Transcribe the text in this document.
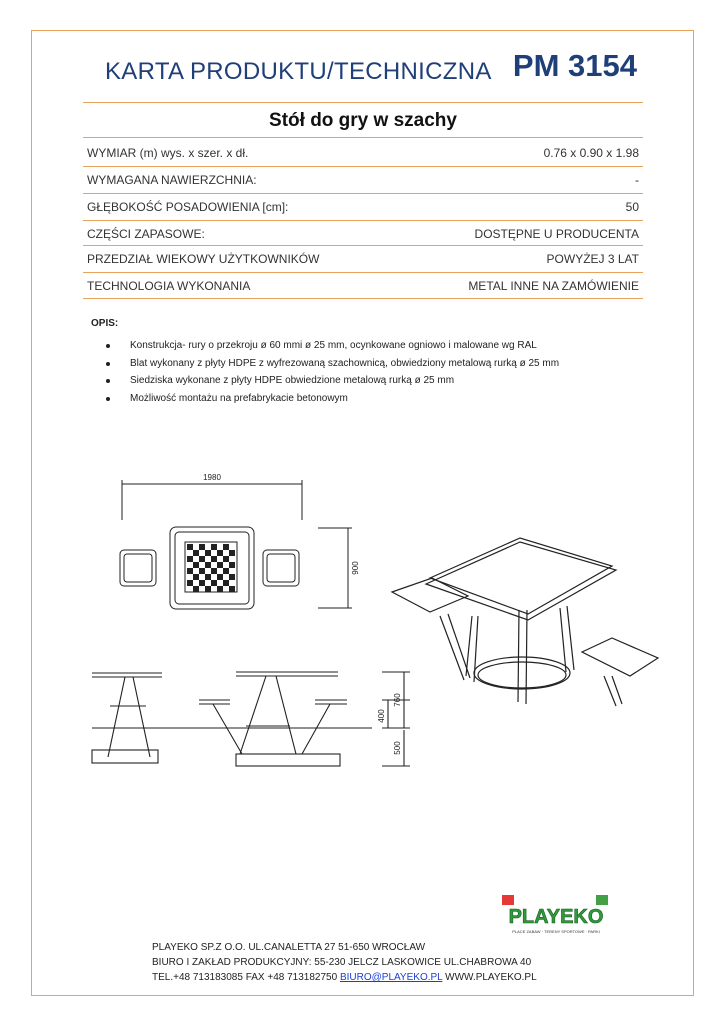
KARTA PRODUKTU/TECHNICZNA PM 3154
Stół do gry w szachy
WYMIAR (m) wys. x szer. x dł.	0.76 x 0.90 x 1.98
WYMAGANA NAWIERZCHNIA:	-
GŁĘBOKOŚĆ POSADOWIENIA [cm]:	50
CZĘŚCI ZAPASOWE:	DOSTĘPNE U PRODUCENTA
PRZEDZIAŁ WIEKOWY UŻYTKOWNIKÓW	POWYŻEJ 3 LAT
TECHNOLOGIA WYKONANIA	METAL INNE NA ZAMÓWIENIE
OPIS:
Konstrukcja- rury o przekroju ø 60 mmi ø 25 mm, ocynkowane ogniowo i malowane wg RAL
Blat wykonany z płyty HDPE z wyfrezowaną szachownicą, obwiedziony metalową rurką ø 25 mm
Siedziska wykonane z płyty HDPE obwiedzione metalową rurką ø 25 mm
Możliwość montażu na prefabrykacie betonowym
1980
900
760
400
500
PLAYEKO
PLACE ZABAW · TERENY SPORTOWE · PARKI
PLAYEKO SP.Z O.O. UL.CANALETTA 27 51-650 WROCŁAW
BIURO I ZAKŁAD PRODUKCYJNY: 55-230 JELCZ LASKOWICE UL.CHABROWA 40
TEL.+48 713183085 FAX +48 713182750 BIURO@PLAYEKO.PL WWW.PLAYEKO.PL
